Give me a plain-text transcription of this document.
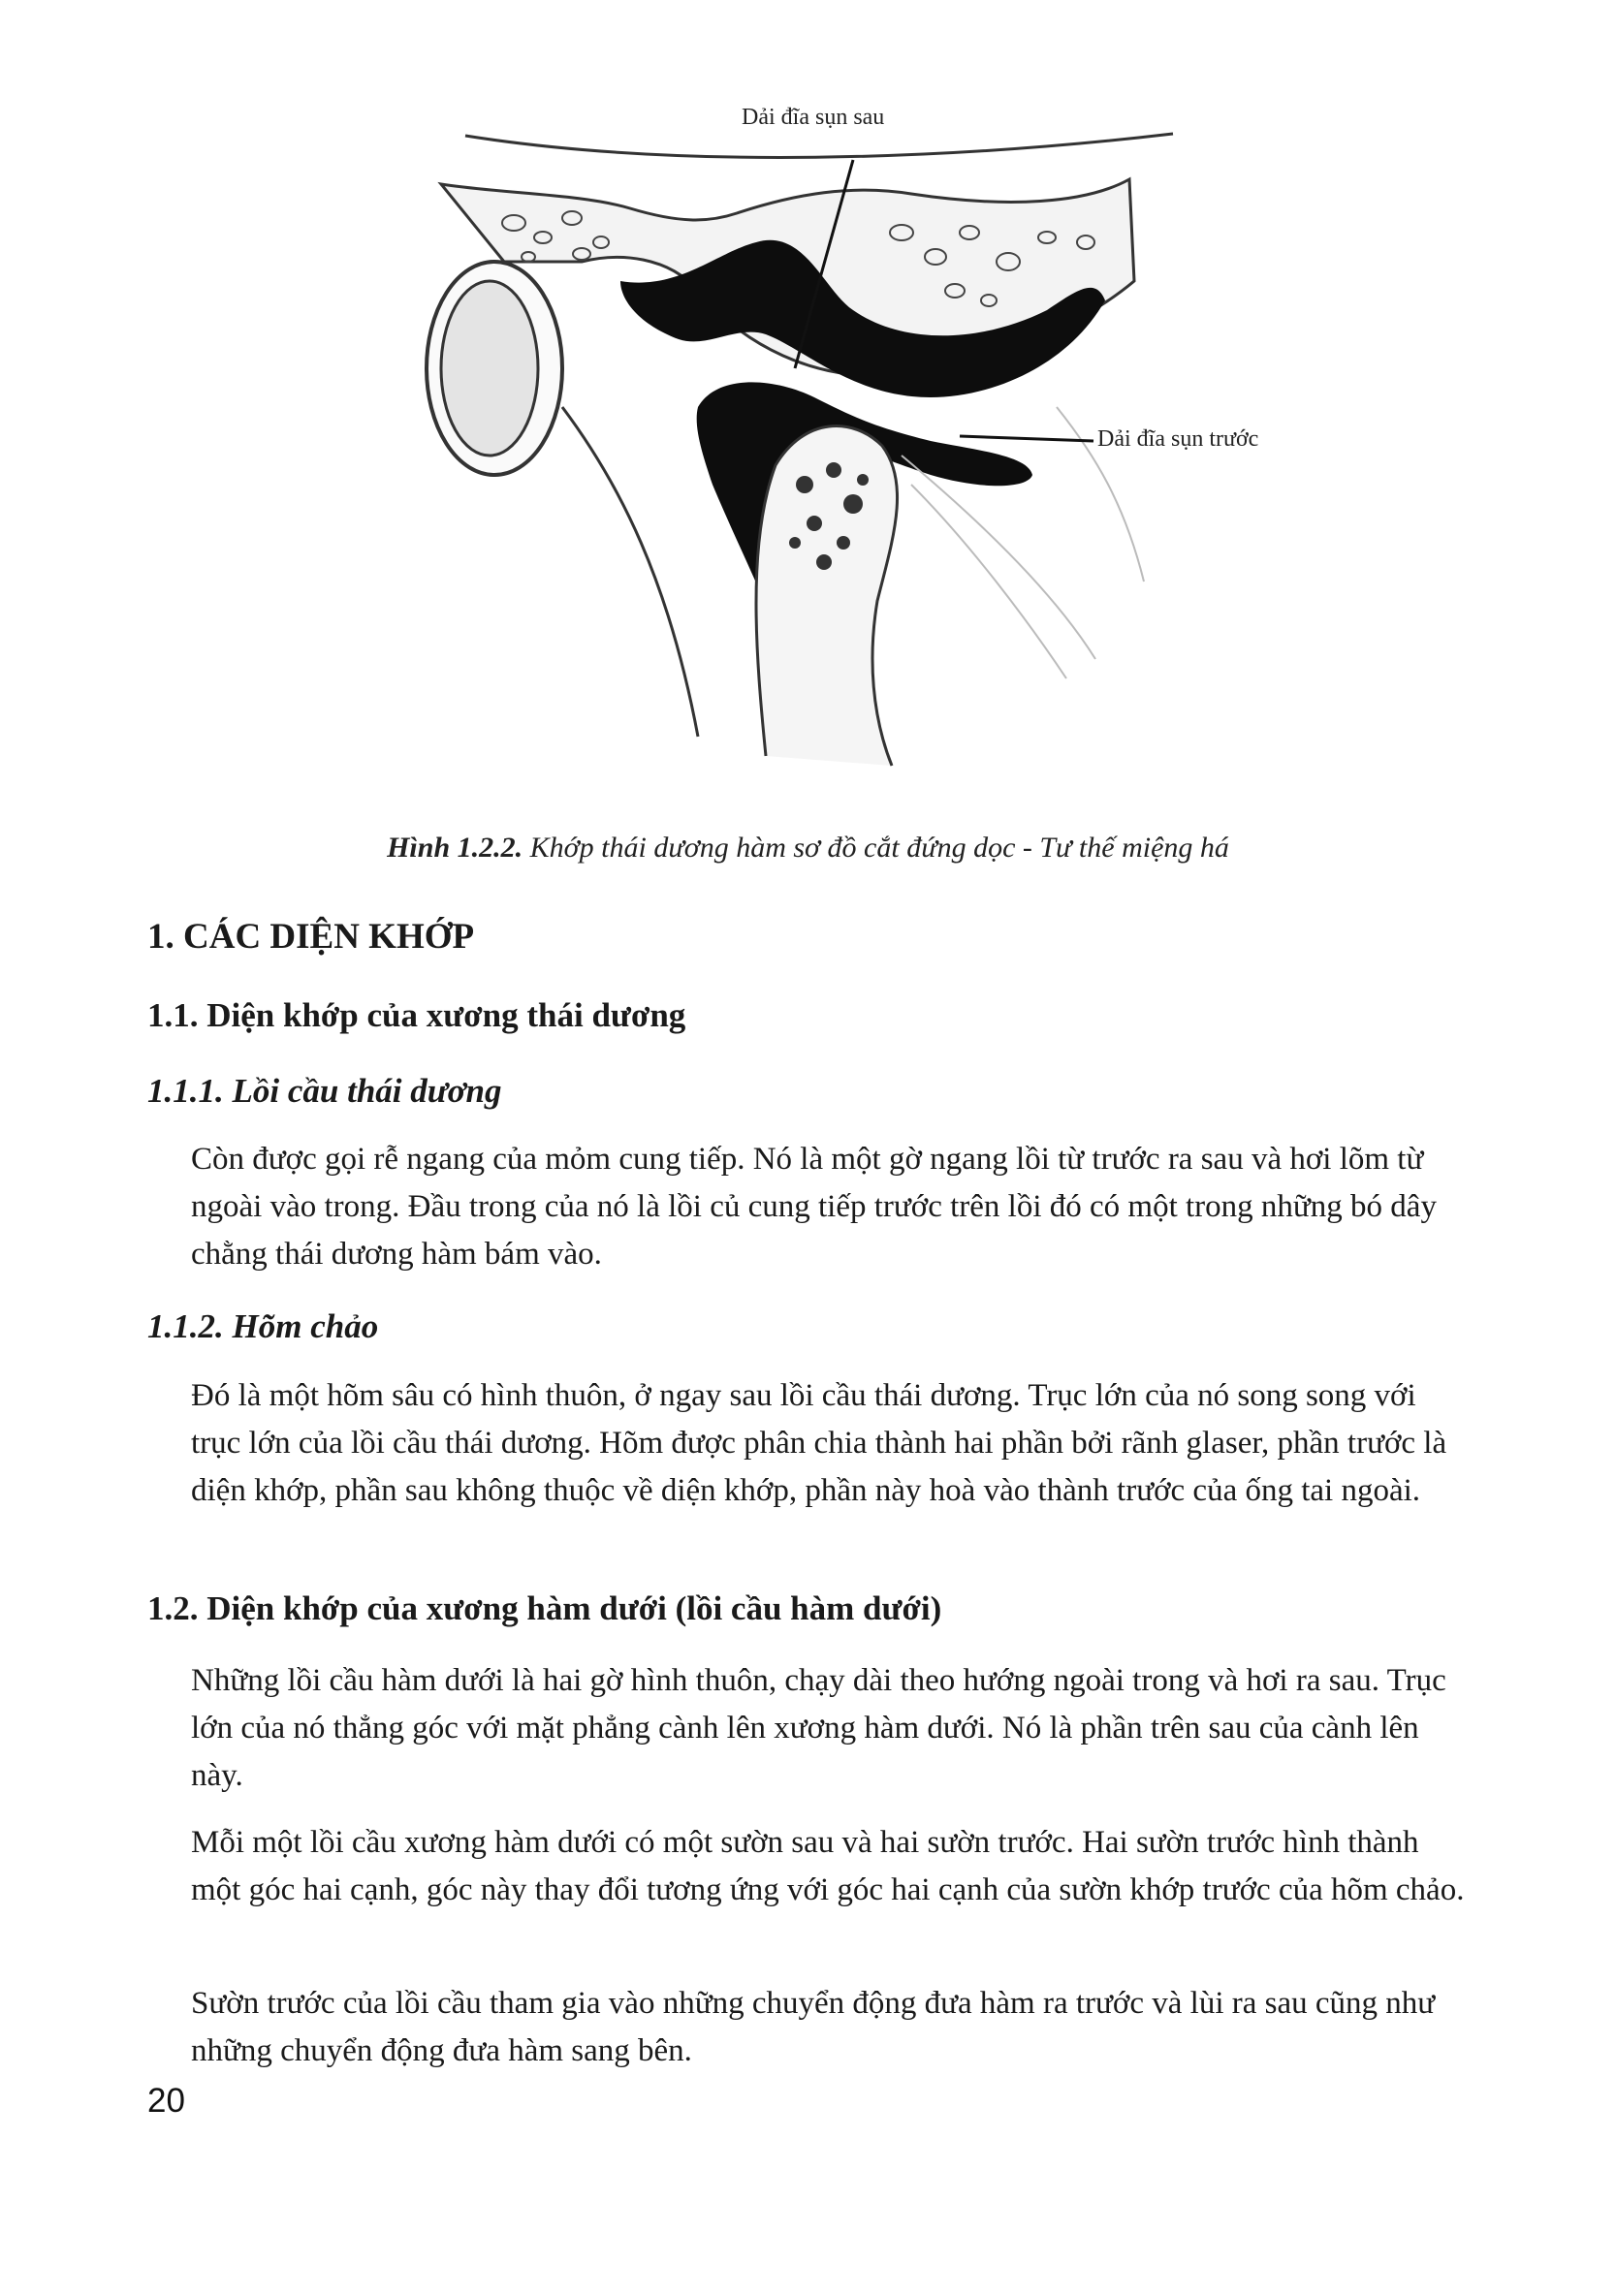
Dải đĩa sụn sau
Dải đĩa sụn trước
Hình 1.2.2. Khớp thái dương hàm sơ đồ cắt đứng dọc - Tư thế miệng há
1. CÁC DIỆN KHỚP
1.1. Diện khớp của xương thái dương
1.1.1. Lồi cầu thái dương

Còn được gọi rễ ngang của mỏm cung tiếp. Nó là một gờ ngang lồi từ trước ra sau và hơi lõm từ ngoài vào trong. Đầu trong của nó là lồi củ cung tiếp trước trên lồi đó có một trong những bó dây chằng thái dương hàm bám vào.

1.1.2. Hõm chảo

Đó là một hõm sâu có hình thuôn, ở ngay sau lồi cầu thái dương. Trục lớn của nó song song với trục lớn của lồi cầu thái dương. Hõm được phân chia thành hai phần bởi rãnh glaser, phần trước là diện khớp, phần sau không thuộc về diện khớp, phần này hoà vào thành trước của ống tai ngoài.

1.2. Diện khớp của xương hàm dưới (lồi cầu hàm dưới)

Những lồi cầu hàm dưới là hai gờ hình thuôn, chạy dài theo hướng ngoài trong và hơi ra sau. Trục lớn của nó thẳng góc với mặt phẳng cành lên xương hàm dưới. Nó là phần trên sau của cành lên này.

Mỗi một lồi cầu xương hàm dưới có một sườn sau và hai sườn trước. Hai sườn trước hình thành một góc hai cạnh, góc này thay đổi tương ứng với góc hai cạnh của sườn khớp trước của hõm chảo.

Sườn trước của lồi cầu tham gia vào những chuyển động đưa hàm ra trước và lùi ra sau cũng như những chuyển động đưa hàm sang bên.

20
